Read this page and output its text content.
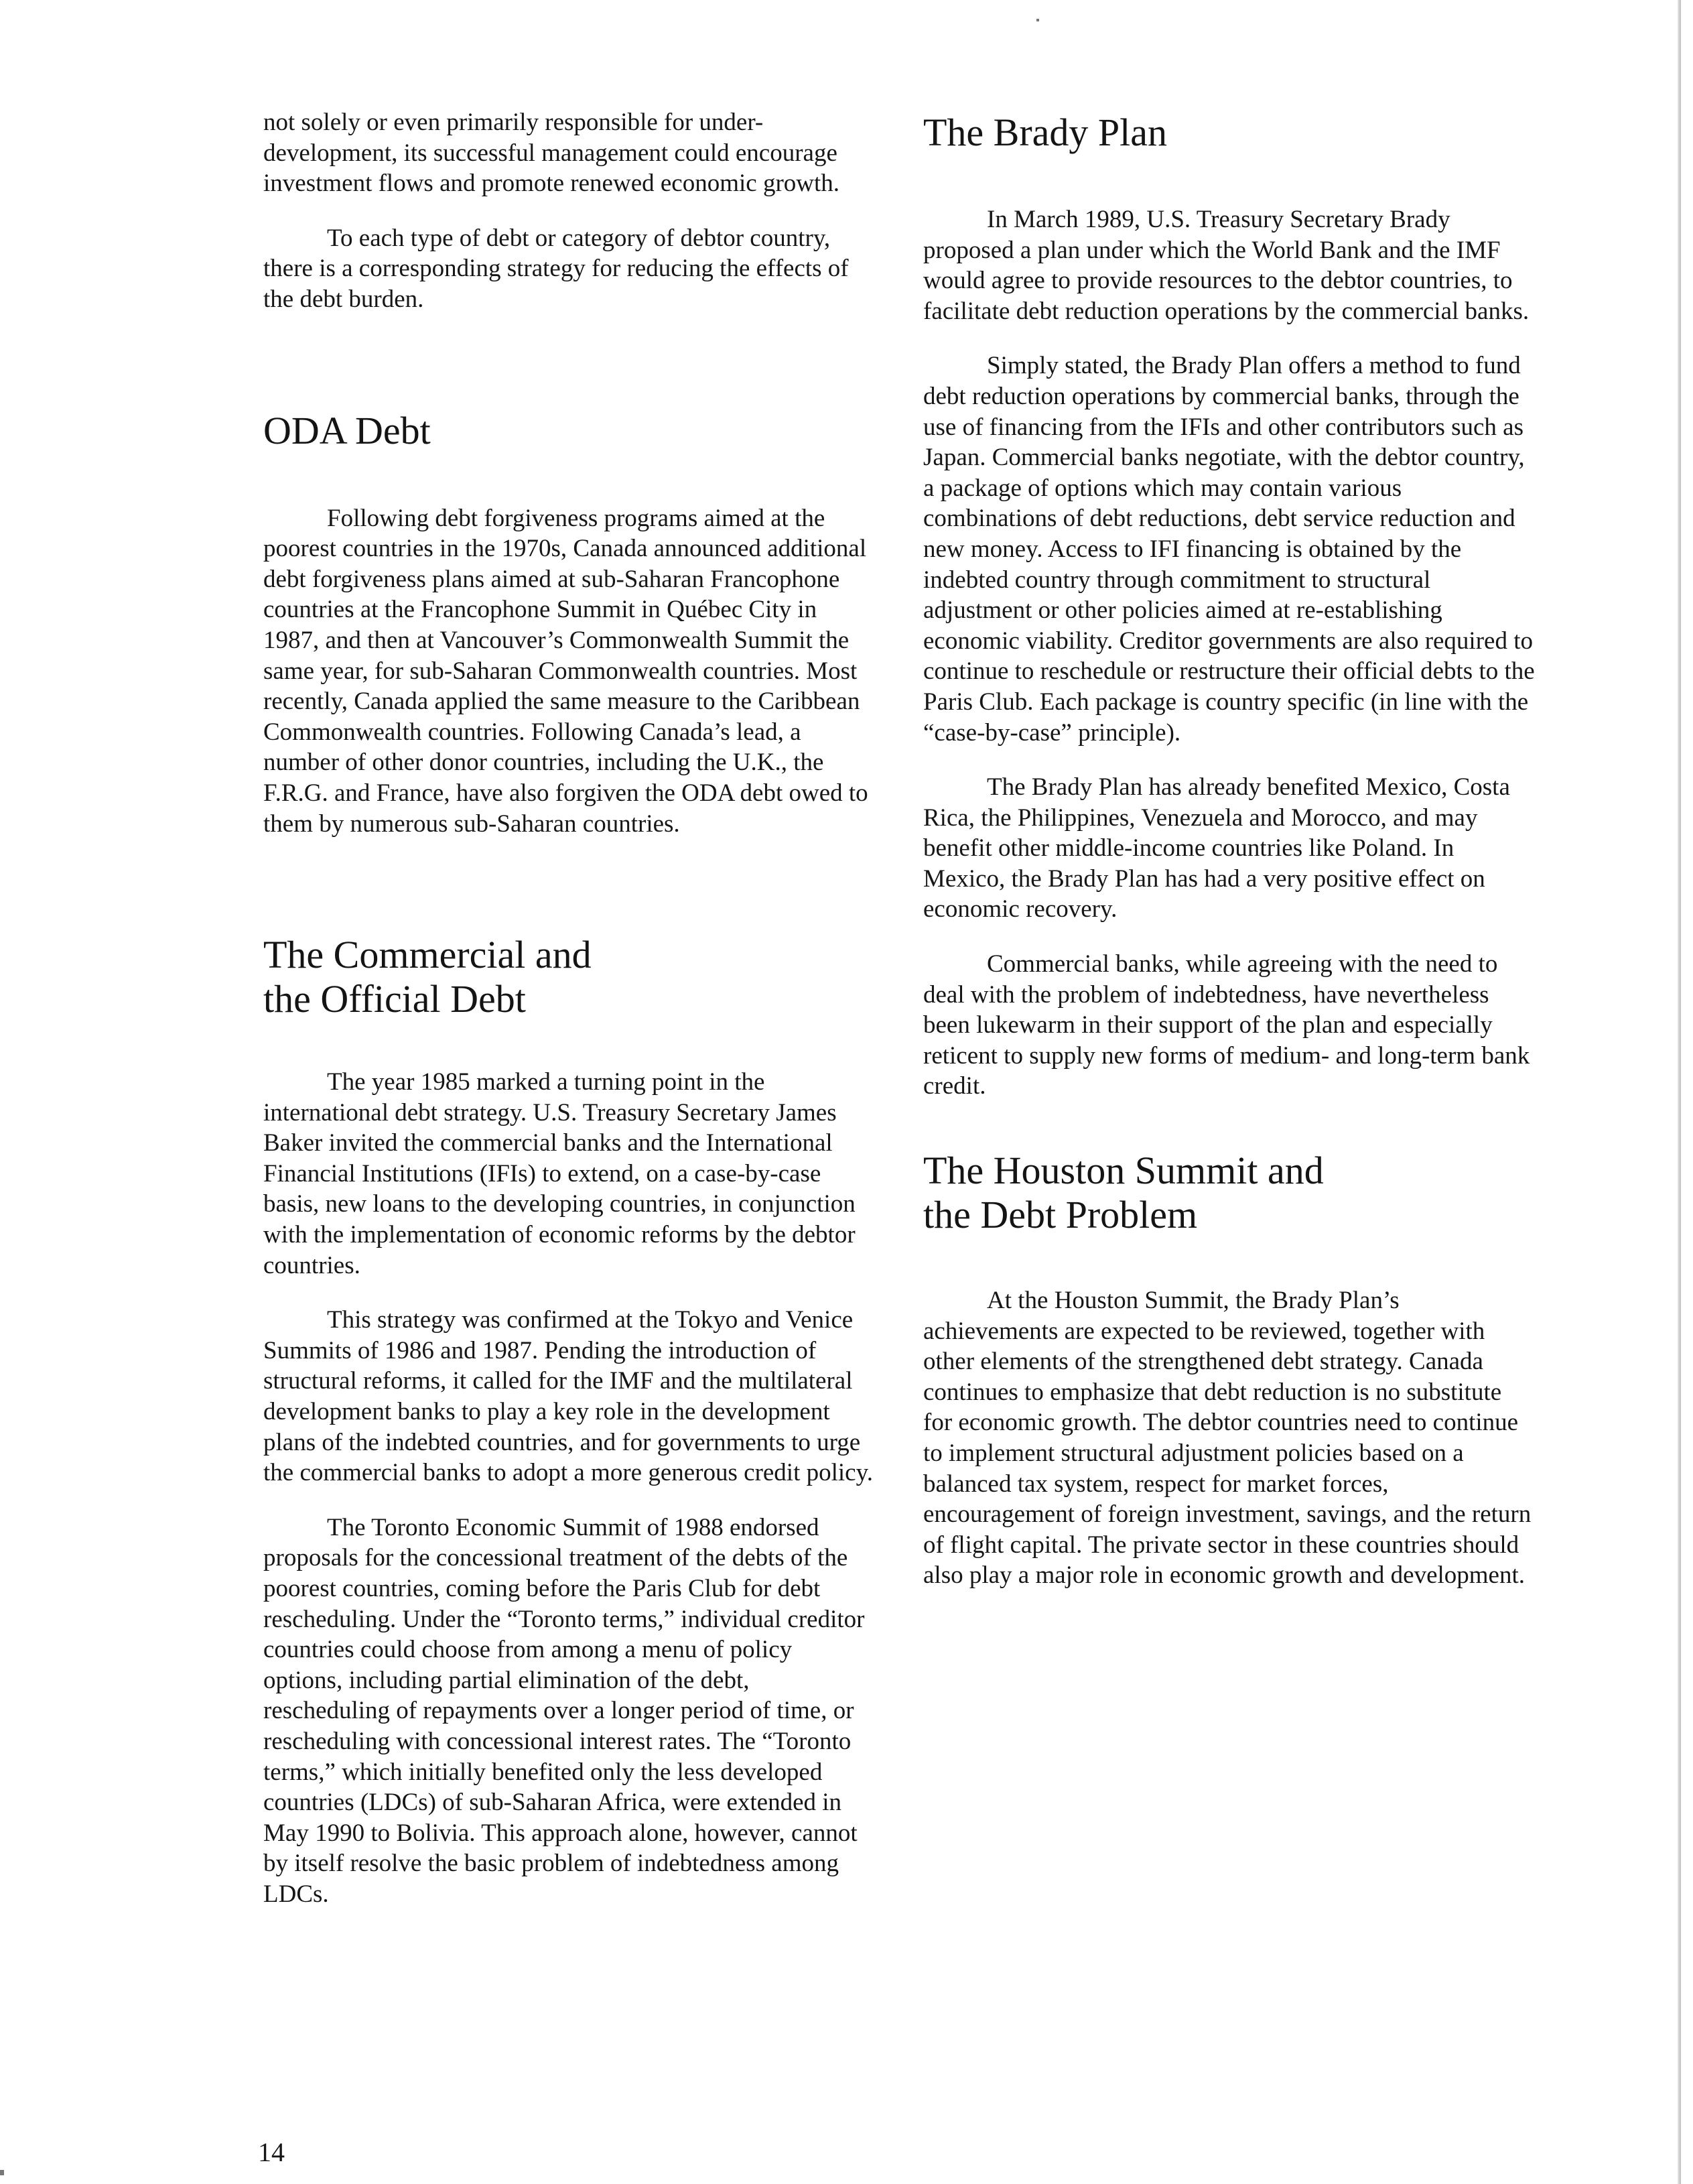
not solely or even primarily responsible for under-development, its successful management could encourage investment flows and promote renewed economic growth.

To each type of debt or category of debtor country, there is a corresponding strategy for reducing the effects of the debt burden.

ODA Debt

Following debt forgiveness programs aimed at the poorest countries in the 1970s, Canada announced additional debt forgiveness plans aimed at sub-Saharan Francophone countries at the Francophone Summit in Québec City in 1987, and then at Vancouver’s Commonwealth Summit the same year, for sub-Saharan Commonwealth countries. Most recently, Canada applied the same measure to the Caribbean Commonwealth countries. Following Canada’s lead, a number of other donor countries, including the U.K., the F.R.G. and France, have also forgiven the ODA debt owed to them by numerous sub-Saharan countries.

The Commercial and
the Official Debt

The year 1985 marked a turning point in the international debt strategy. U.S. Treasury Secretary James Baker invited the commercial banks and the International Financial Institutions (IFIs) to extend, on a case-by-case basis, new loans to the developing countries, in conjunction with the implementation of economic reforms by the debtor countries.

This strategy was confirmed at the Tokyo and Venice Summits of 1986 and 1987. Pending the introduction of structural reforms, it called for the IMF and the multilateral development banks to play a key role in the development plans of the indebted countries, and for governments to urge the commercial banks to adopt a more generous credit policy.

The Toronto Economic Summit of 1988 endorsed proposals for the concessional treatment of the debts of the poorest countries, coming before the Paris Club for debt rescheduling. Under the “Toronto terms,” individual creditor countries could choose from among a menu of policy options, including partial elimination of the debt, rescheduling of repayments over a longer period of time, or rescheduling with concessional interest rates. The “Toronto terms,” which initially benefited only the less developed countries (LDCs) of sub-Saharan Africa, were extended in May 1990 to Bolivia. This approach alone, however, cannot by itself resolve the basic problem of indebtedness among LDCs.

The Brady Plan

In March 1989, U.S. Treasury Secretary Brady proposed a plan under which the World Bank and the IMF would agree to provide resources to the debtor countries, to facilitate debt reduction operations by the commercial banks.

Simply stated, the Brady Plan offers a method to fund debt reduction operations by commercial banks, through the use of financing from the IFIs and other contributors such as Japan. Commercial banks negotiate, with the debtor country, a package of options which may contain various combinations of debt reductions, debt service reduction and new money. Access to IFI financing is obtained by the indebted country through commitment to structural adjustment or other policies aimed at re-establishing economic viability. Creditor governments are also required to continue to reschedule or restructure their official debts to the Paris Club. Each package is country specific (in line with the “case-by-case” principle).

The Brady Plan has already benefited Mexico, Costa Rica, the Philippines, Venezuela and Morocco, and may benefit other middle-income countries like Poland. In Mexico, the Brady Plan has had a very positive effect on economic recovery.

Commercial banks, while agreeing with the need to deal with the problem of indebtedness, have nevertheless been lukewarm in their support of the plan and especially reticent to supply new forms of medium- and long-term bank credit.

The Houston Summit and
the Debt Problem

At the Houston Summit, the Brady Plan’s achievements are expected to be reviewed, together with other elements of the strengthened debt strategy. Canada continues to emphasize that debt reduction is no substitute for economic growth. The debtor countries need to continue to implement structural adjustment policies based on a balanced tax system, respect for market forces, encouragement of foreign investment, savings, and the return of flight capital. The private sector in these countries should also play a major role in economic growth and development.

14
